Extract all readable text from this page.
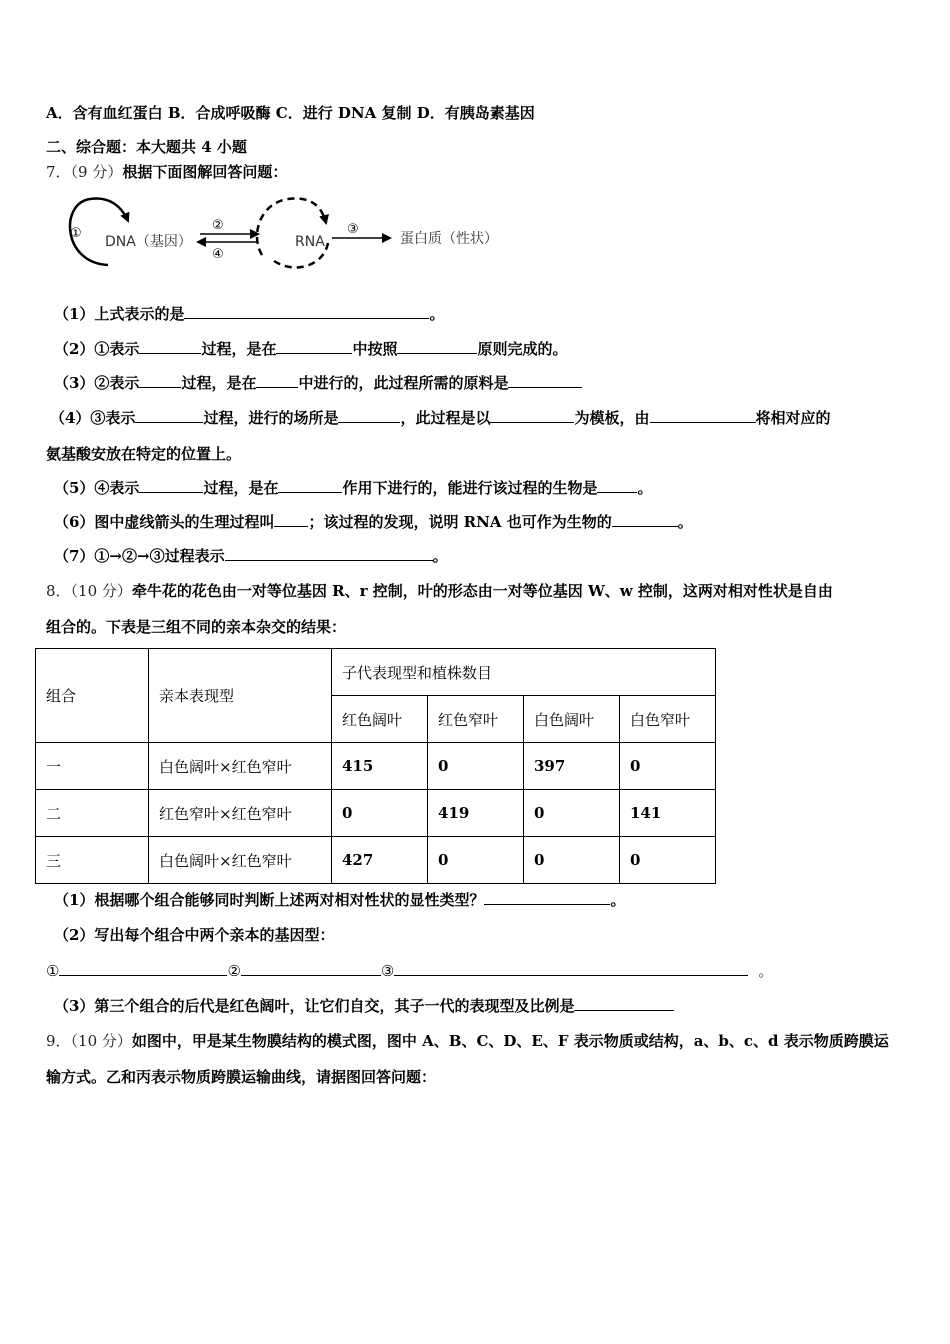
A．含有血红蛋白 B．合成呼吸酶 C．进行 DNA 复制 D．有胰岛素基因
二、综合题：本大题共 4 小题
7．（9 分）根据下面图解回答问题：
①
DNA（基因）
②
④
RNA
③
蛋白质（性状）
（1）上式表示的是	。
（2）①表示	过程，是在	中按照	原则完成的。
（3）②表示	过程，是在	中进行的，此过程所需的原料是
（4）③表示	过程，进行的场所是	，此过程是以	为模板，由	将相对应的
氨基酸安放在特定的位置上。
（5）④表示	过程，是在	作用下进行的，能进行该过程的生物是	。
（6）图中虚线箭头的生理过程叫 ；该过程的发现，说明 RNA 也可作为生物的	。
（7）①→②→③过程表示	。
8．（10 分）牵牛花的花色由一对等位基因 R、r 控制，叶的形态由一对等位基因 W、w 控制，这两对相对性状是自由
组合的。下表是三组不同的亲本杂交的结果：
组合	亲本表现型	子代表现型和植株数目			
		红色阔叶	红色窄叶	白色阔叶	白色窄叶
一	白色阔叶×红色窄叶	415	0	397	0
二	红色窄叶×红色窄叶	0	419	0	141
三	白色阔叶×红色窄叶	427	0	0	0
（1）根据哪个组合能够同时判断上述两对相对性状的显性类型？	。
（2）写出每个组合中两个亲本的基因型：
①	②	③	。
（3）第三个组合的后代是红色阔叶，让它们自交，其子一代的表现型及比例是
9．（10 分）如图中，甲是某生物膜结构的模式图，图中 A、B、C、D、E、F 表示物质或结构，a、b、c、d 表示物质跨膜运
输方式。乙和丙表示物质跨膜运输曲线，请据图回答问题：
